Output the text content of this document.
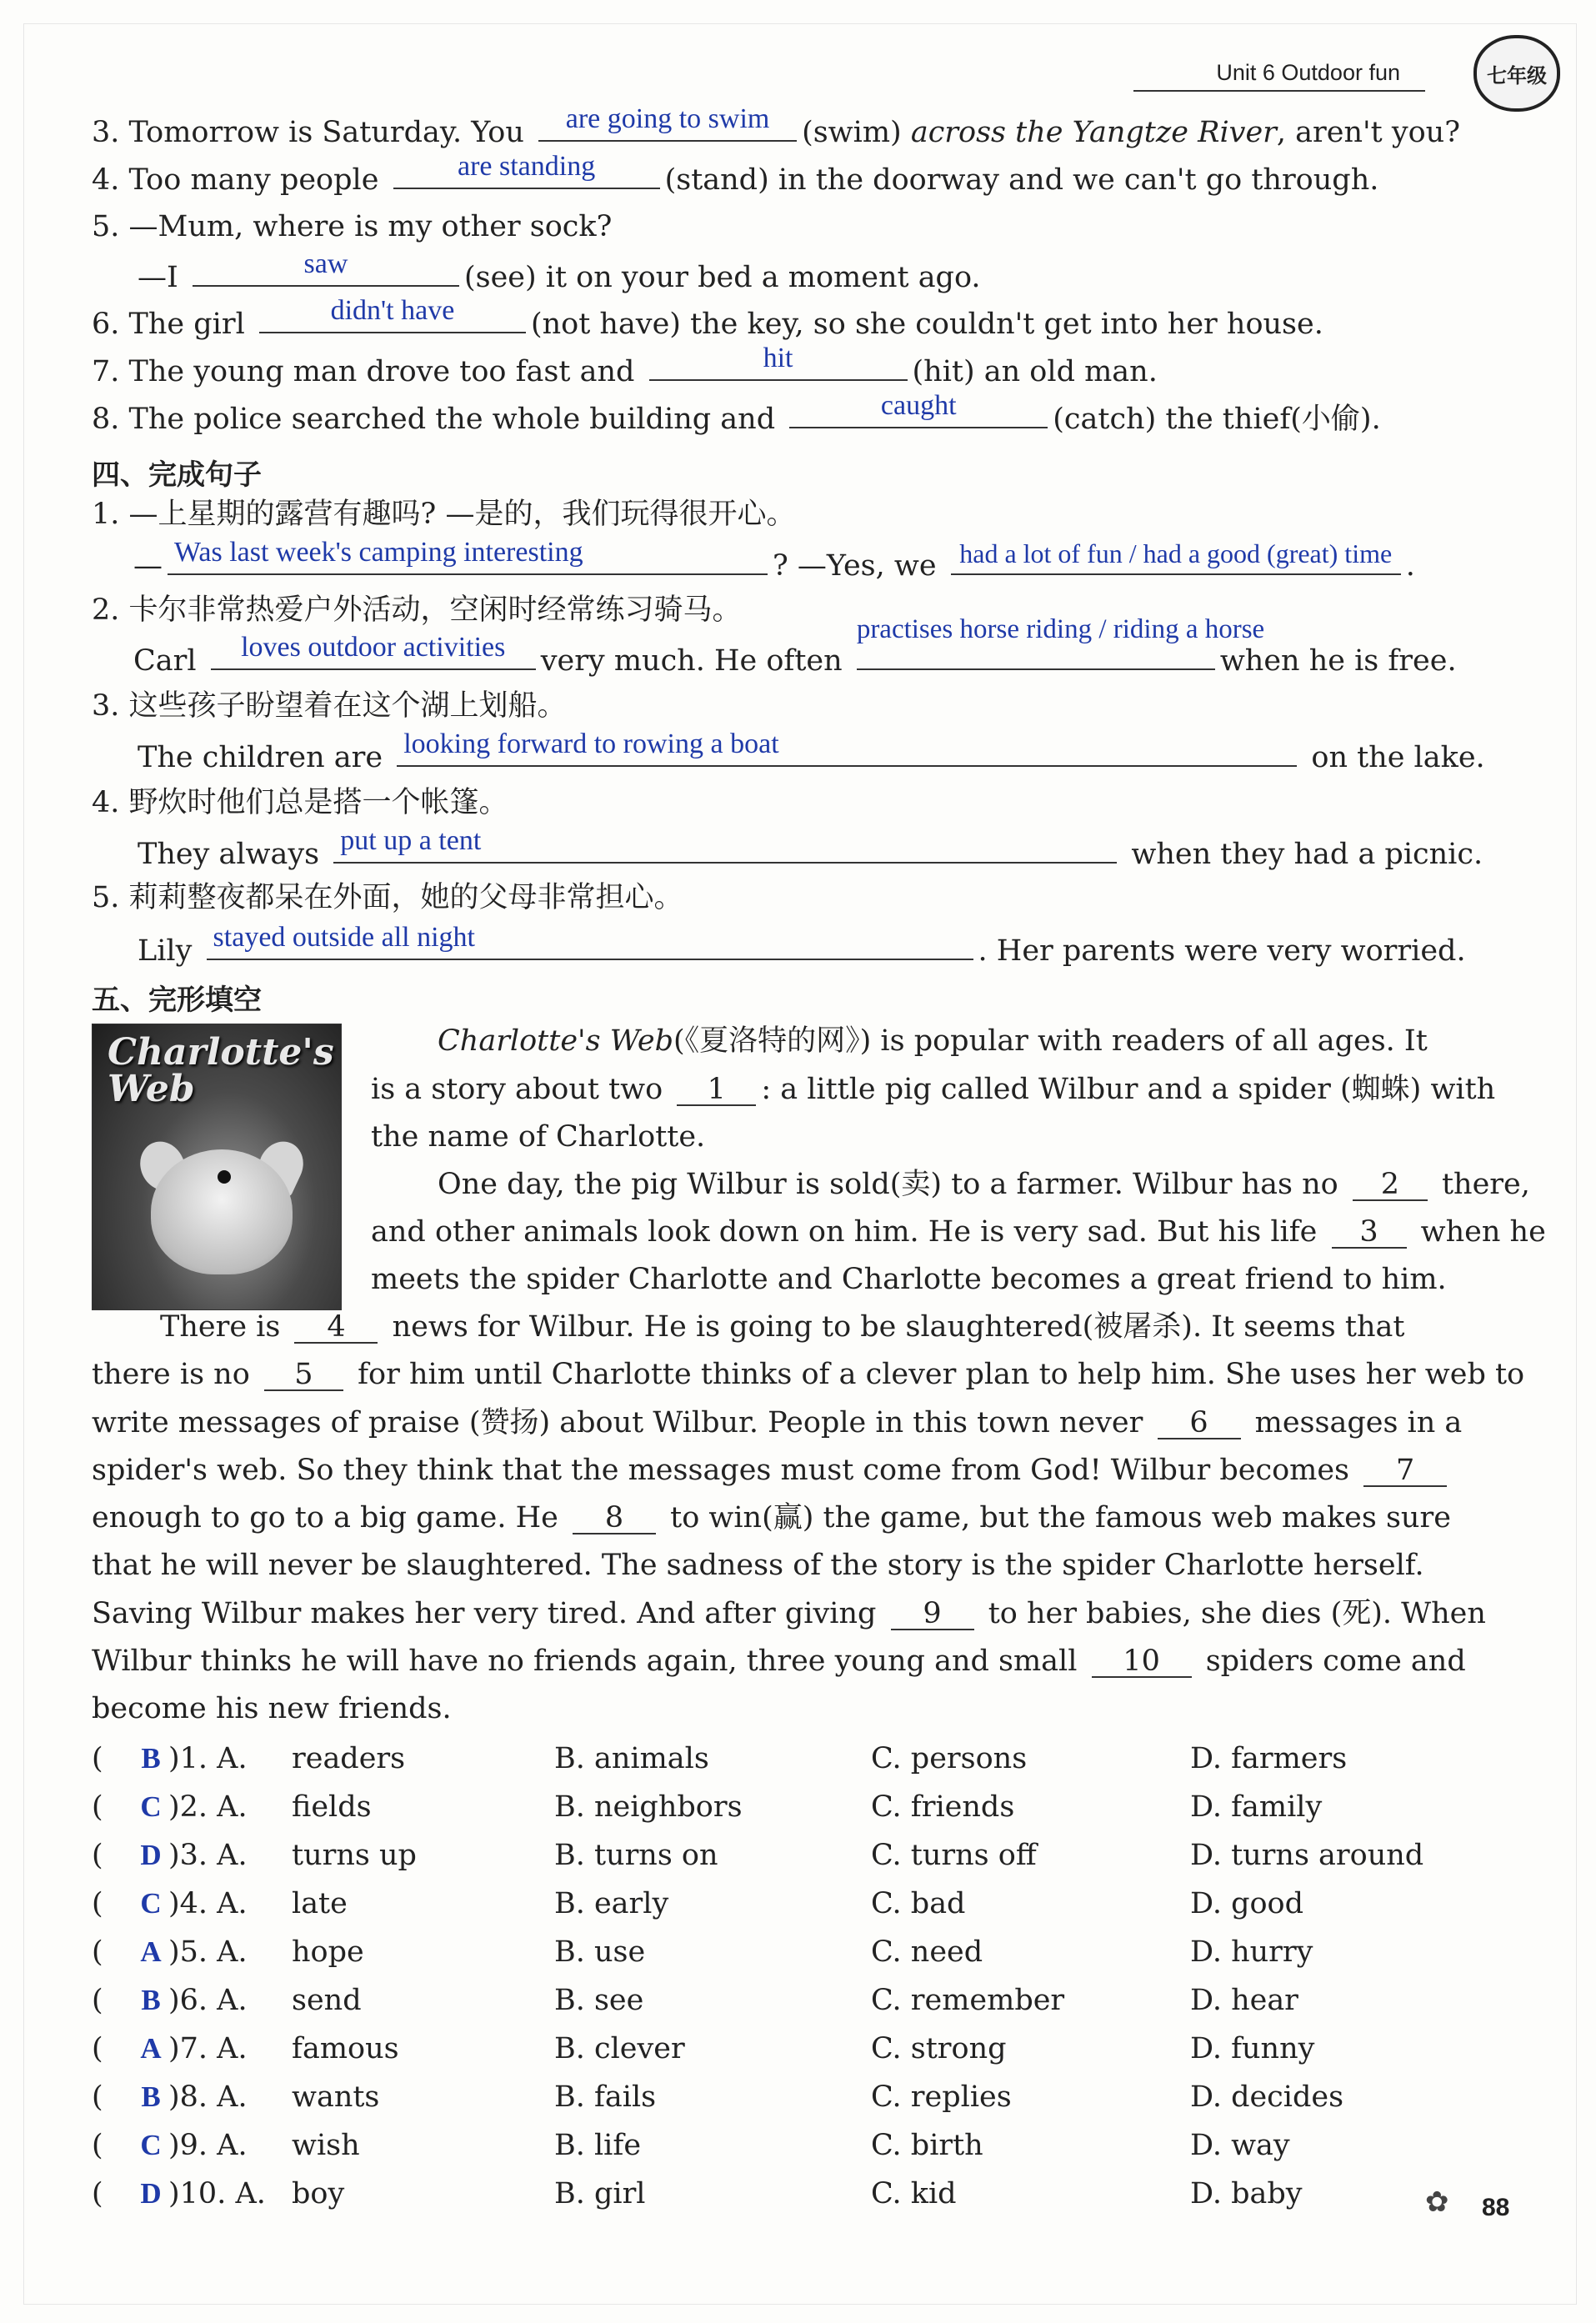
Unit 6 Outdoor fun	七年级
3. Tomorrow is Saturday. You	are going to swim	(swim) across the Yangtze River, aren't you?
4. Too many people	are standing	(stand) in the doorway and we can't go through.
5. —Mum, where is my other sock?
—I	saw	(see) it on your bed a moment ago.
6. The girl	didn't have	(not have) the key, so she couldn't get into her house.
7. The young man drove too fast and	hit	(hit) an old man.
8. The police searched the whole building and	caught	(catch) the thief(小偷).
四、完成句子
1. —上星期的露营有趣吗? —是的，我们玩得很开心。
— Was last week's camping interesting	? —Yes, we had a lot of fun / had a good (great) time .
2. 卡尔非常热爱户外活动，空闲时经常练习骑马。
Carl	loves outdoor activities	very much. He often
practises horse riding / riding a horse
when he is free.
3. 这些孩子盼望着在这个湖上划船。
The children are looking forward to rowing a boat	on the lake.
4. 野炊时他们总是搭一个帐篷。
They always put up a tent	when they had a picnic.
5. 莉莉整夜都呆在外面，她的父母非常担心。
Lily stayed outside all night	. Her parents were very worried.
五、完形填空
Charlotte's Web
Charlotte's Web(《夏洛特的网》) is popular with readers of all ages. It
is a story about two 1 : a little pig called Wilbur and a spider (蜘蛛) with
the name of Charlotte.
One day, the pig Wilbur is sold(卖) to a farmer. Wilbur has no 2 there,
and other animals look down on him. He is very sad. But his life 3 when he
meets the spider Charlotte and Charlotte becomes a great friend to him.
There is 4 news for Wilbur. He is going to be slaughtered(被屠杀). It seems that
there is no 5 for him until Charlotte thinks of a clever plan to help him. She uses her web to
write messages of praise (赞扬) about Wilbur. People in this town never 6 messages in a
spider's web. So they think that the messages must come from God! Wilbur becomes 7
enough to go to a big game. He 8 to win(赢) the game, but the famous web makes sure
that he will never be slaughtered. The sadness of the story is the spider Charlotte herself.
Saving Wilbur makes her very tired. And after giving 9 to her babies, she dies (死). When
Wilbur thinks he will have no friends again, three young and small 10 spiders come and
become his new friends.
( B )1. A. readers	B. animals	C. persons	D. farmers
( C )2. A. fields	B. neighbors	C. friends	D. family
( D )3. A. turns up	B. turns on	C. turns off	D. turns around
( C )4. A. late	B. early	C. bad	D. good
( A )5. A. hope	B. use	C. need	D. hurry
( B )6. A. send	B. see	C. remember	D. hear
( A )7. A. famous	B. clever	C. strong	D. funny
( B )8. A. wants	B. fails	C. replies	D. decides
( C )9. A. wish	B. life	C. birth	D. way
( D )10. A. boy	B. girl	C. kid	D. baby	✿	88
